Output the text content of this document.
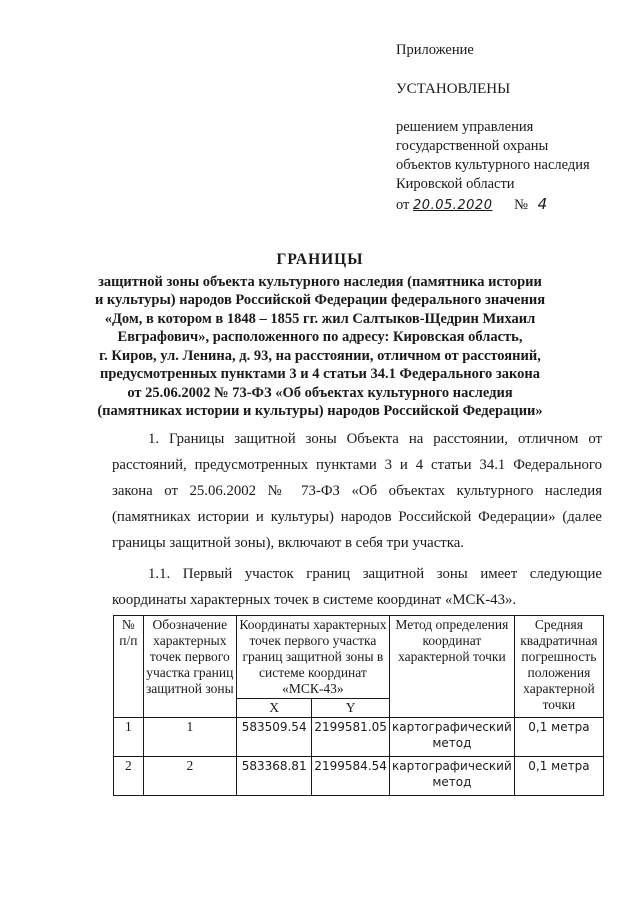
Приложение
УСТАНОВЛЕНЫ
решением управления
государственной охраны
объектов культурного наследия
Кировской области
от 20.05.2020 № 4
ГРАНИЦЫ
защитной зоны объекта культурного наследия (памятника истории
и культуры) народов Российской Федерации федерального значения
«Дом, в котором в 1848 – 1855 гг. жил Салтыков-Щедрин Михаил
Евграфович», расположенного по адресу: Кировская область,
г. Киров, ул. Ленина, д. 93, на расстоянии, отличном от расстояний,
предусмотренных пунктами 3 и 4 статьи 34.1 Федерального закона
от 25.06.2002 № 73-ФЗ «Об объектах культурного наследия
(памятниках истории и культуры) народов Российской Федерации»
1. Границы защитной зоны Объекта на расстоянии, отличном от расстояний, предусмотренных пунктами 3 и 4 статьи 34.1 Федерального закона от 25.06.2002 № 73-ФЗ «Об объектах культурного наследия (памятниках истории и культуры) народов Российской Федерации» (далее границы защитной зоны), включают в себя три участка.
1.1. Первый участок границ защитной зоны имеет следующие координаты характерных точек в системе координат «МСК-43».
№ п/п	Обозначение характерных точек первого участка границ защитной зоны	Координаты характерных точек первого участка границ защитной зоны в системе координат «МСК-43»		Метод определения координат характерной точки	Средняя квадратичная погрешность положения характерной точки
		X	Y		
1	1	583509.54	2199581.05	картографический метод	0,1 метра
2	2	583368.81	2199584.54	картографический метод	0,1 метра
